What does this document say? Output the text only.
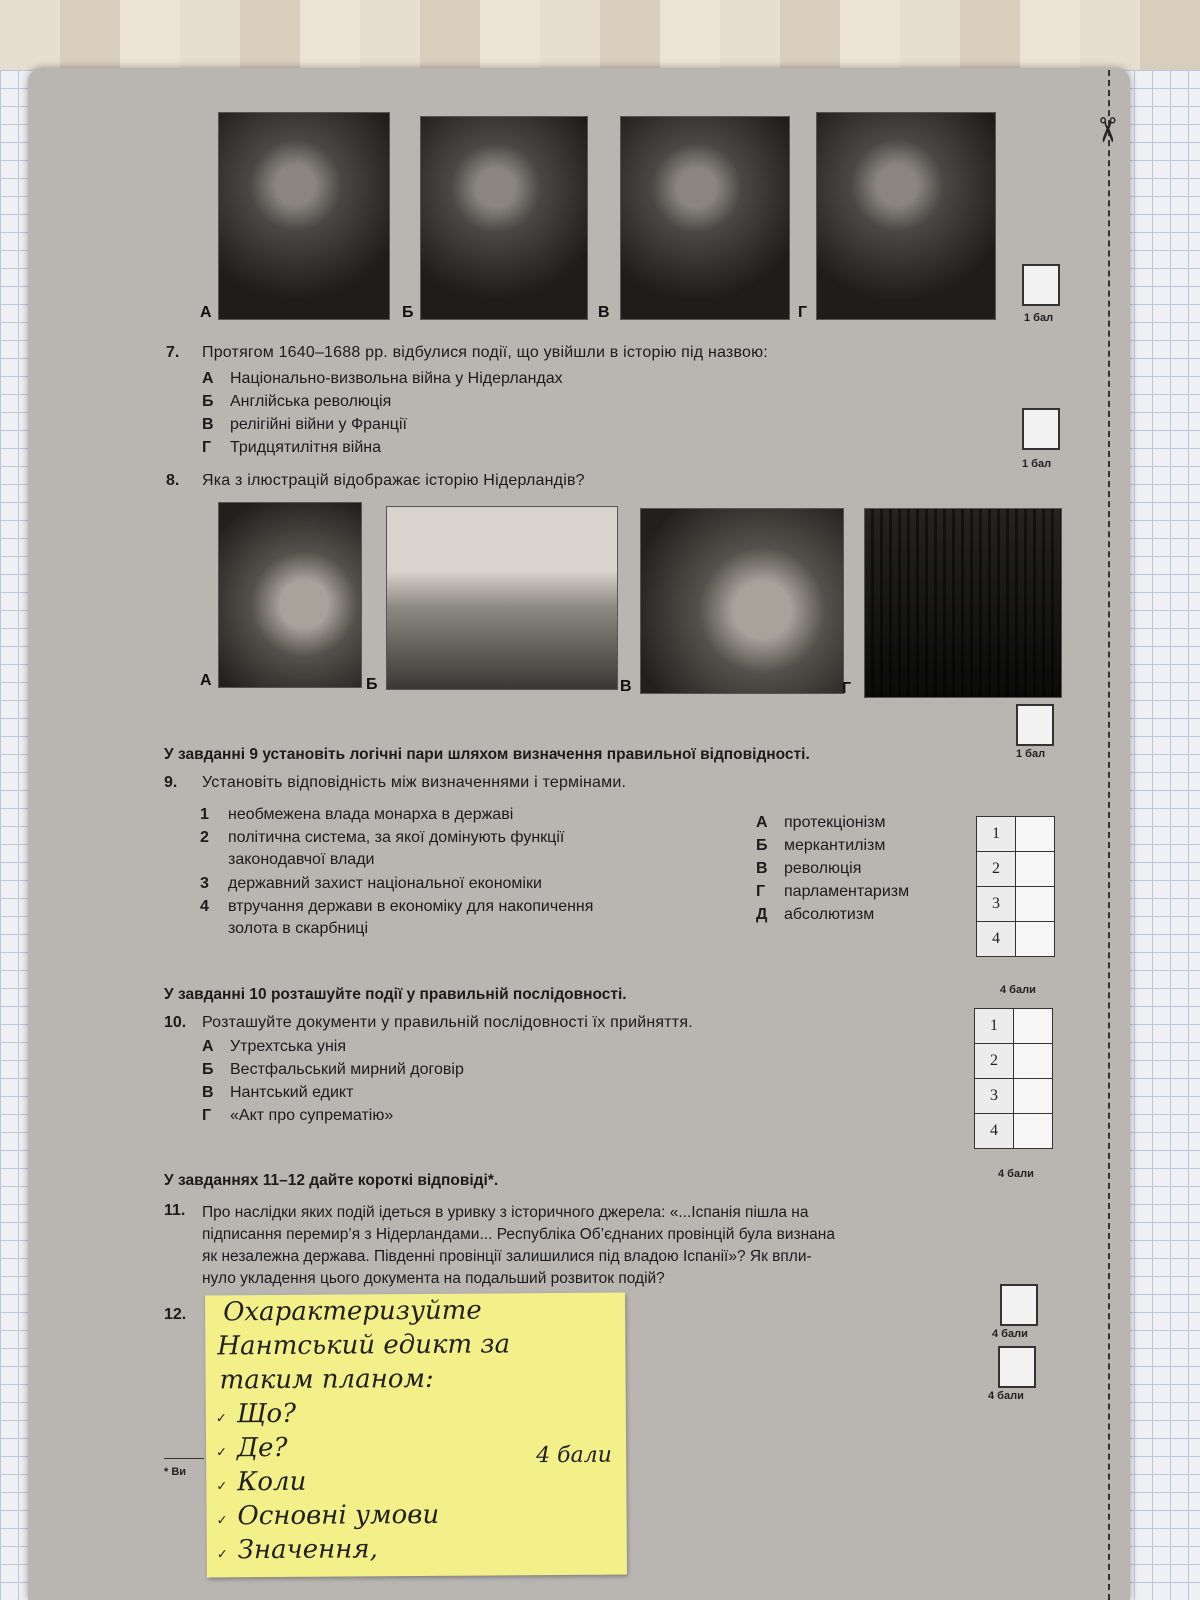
✂
А	Б	В	Г	1 бал
7. Протягом 1640–1688 рр. відбулися події, що увійшли в історію під назвою:
А Національно-визвольна війна у Нідерландах
Б Англійська революція
В релігійні війни у Франції
Г Тридцятилітня війна
1 бал
8. Яка з ілюстрацій відображає історію Нідерландів?
А	Б	В	Г
1 бал
У завданні 9 установіть логічні пари шляхом визначення правильної відповідності.
9. Установіть відповідність між визначеннями і термінами.
1 необмежена влада монарха в державі
2 політична система, за якої домінують функції
законодавчої влади
3 державний захист національної економіки
4 втручання держави в економіку для накопичення
золота в скарбниці
А протекціонізм
Б меркантилізм
В революція
Г парламентаризм
Д абсолютизм
1	
2	
3	
4	
4 бали
У завданні 10 розташуйте події у правильній послідовності.
10. Розташуйте документи у правильній послідовності їх прийняття.
А Утрехтська унія
Б Вестфальський мирний договір
В Нантський едикт
Г «Акт про супрематію»
1	
2	
3	
4	
4 бали
У завданнях 11–12 дайте короткі відповіді*.
11. Про наслідки яких подій ідеться в уривку з історичного джерела: «...Іспанія пішла на
підписання перемир’я з Нідерландами... Республіка Об’єднаних провінцій була визнана
як незалежна держава. Південні провінції залишилися під владою Іспанії»? Як впли-
нуло укладення цього документа на подальший розвиток подій?
4 бали
12.
4 бали
* Ви
Охарактеризуйте
Нантський едикт за
таким планом:
✓ Що?
✓ Де?
✓ Коли
✓ Основні умови
✓ Значення,
4 бали
